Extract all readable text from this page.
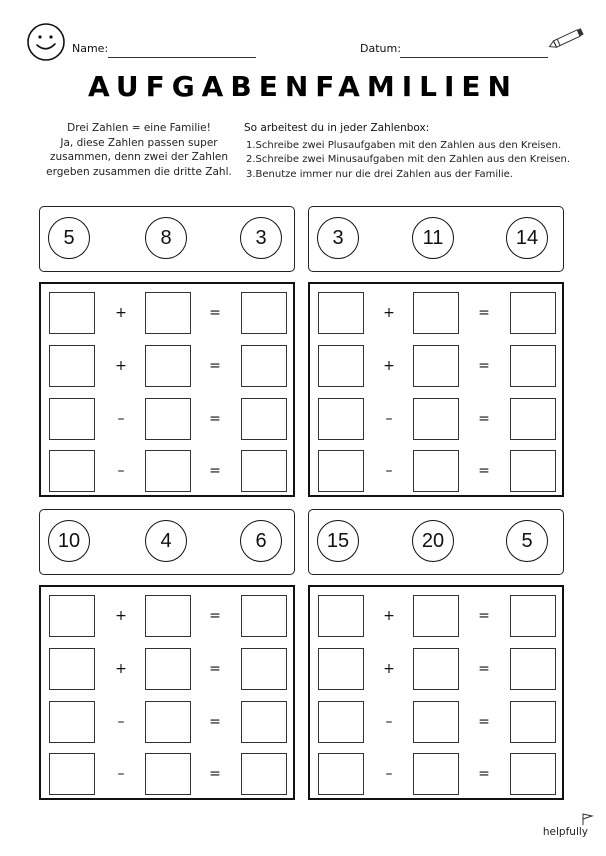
Name:	Datum:
AUFGABENFAMILIEN

Drei Zahlen = eine Familie!

Ja, diese Zahlen passen super zusammen, denn zwei der Zahlen ergeben zusammen die dritte Zahl.

So arbeitest du in jeder Zahlenbox:
1.Schreibe zwei Plusaufgaben mit den Zahlen aus den Kreisen.
2.Schreibe zwei Minusaufgaben mit den Zahlen aus den Kreisen.
3.Benutze immer nur die drei Zahlen aus der Familie.
5	8	3
+	=
+	=
–	=
–	=
3	11	14
+	=
+	=
–	=
–	=
10	4	6
+	=
+	=
–	=
–	=
15	20	5
+	=
+	=
–	=
–	=
helpfully
